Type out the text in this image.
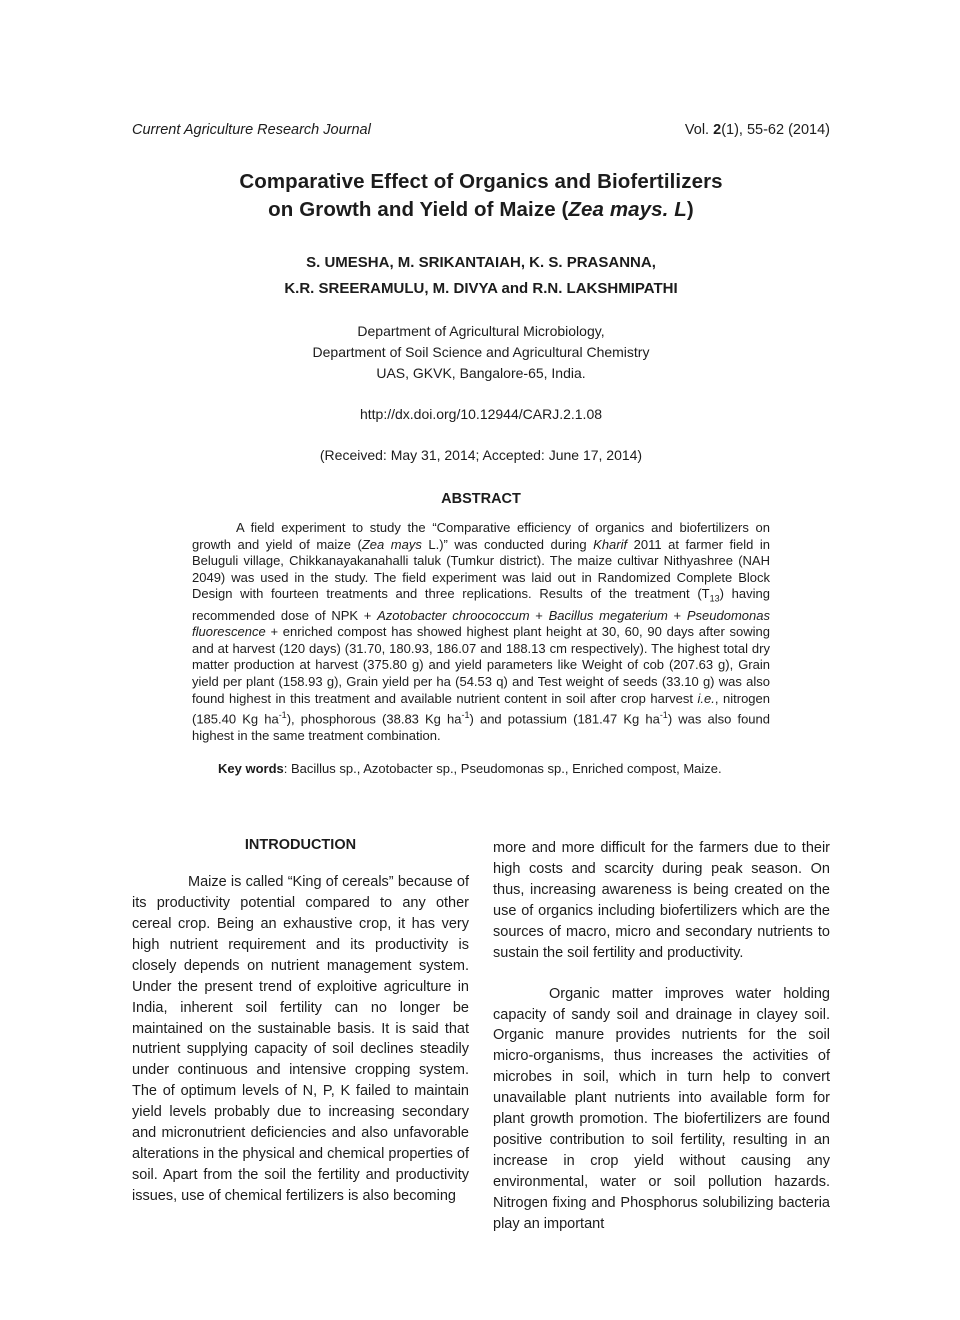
Current Agriculture Research Journal	Vol. 2(1), 55-62 (2014)
Comparative Effect of Organics and Biofertilizers
on Growth and Yield of Maize (Zea mays. L)
S. UMESHA, M. SRIKANTAIAH, K. S. PRASANNA,
K.R. SREERAMULU, M. DIVYA and R.N. LAKSHMIPATHI
Department of Agricultural Microbiology,
Department of Soil Science and Agricultural Chemistry
UAS, GKVK, Bangalore-65, India.
http://dx.doi.org/10.12944/CARJ.2.1.08
(Received: May 31, 2014; Accepted: June 17, 2014)
ABSTRACT
A field experiment to study the “Comparative efficiency of organics and biofertilizers on growth and yield of maize (Zea mays L.)” was conducted during Kharif 2011 at farmer field in Beluguli village, Chikkanayakanahalli taluk (Tumkur district). The maize cultivar Nithyashree (NAH 2049) was used in the study. The field experiment was laid out in Randomized Complete Block Design with fourteen treatments and three replications. Results of the treatment $(T_{13})$ having recommended dose of NPK + Azotobacter chroococcum + Bacillus megaterium + Pseudomonas fluorescence + enriched compost has showed highest plant height at 30, 60, 90 days after sowing and at harvest (120 days) (31.70, 180.93, 186.07 and 188.13 cm respectively). The highest total dry matter production at harvest (375.80 g) and yield parameters like Weight of cob (207.63 g), Grain yield per plant (158.93 g), Grain yield per ha (54.53 q) and Test weight of seeds (33.10 g) was also found highest in this treatment and available nutrient content in soil after crop harvest i.e., nitrogen (185.40 Kg $ha^{-1}$), phosphorous (38.83 Kg $ha^{-1}$) and potassium (181.47 Kg $ha^{-1}$) was also found highest in the same treatment combination.
Key words: Bacillus sp., Azotobacter sp., Pseudomonas sp., Enriched compost, Maize.
INTRODUCTION
Maize is called “King of cereals” because of its productivity potential compared to any other cereal crop. Being an exhaustive crop, it has very high nutrient requirement and its productivity is closely depends on nutrient management system. Under the present trend of exploitive agriculture in India, inherent soil fertility can no longer be maintained on the sustainable basis. It is said that nutrient supplying capacity of soil declines steadily under continuous and intensive cropping system. The of optimum levels of N, P, K failed to maintain yield levels probably due to increasing secondary and micronutrient deficiencies and also unfavorable alterations in the physical and chemical properties of soil. Apart from the soil the fertility and productivity issues, use of chemical fertilizers is also becoming
more and more difficult for the farmers due to their high costs and scarcity during peak season. On thus, increasing awareness is being created on the use of organics including biofertilizers which are the sources of macro, micro and secondary nutrients to sustain the soil fertility and productivity.
Organic matter improves water holding capacity of sandy soil and drainage in clayey soil. Organic manure provides nutrients for the soil micro-organisms, thus increases the activities of microbes in soil, which in turn help to convert unavailable plant nutrients into available form for plant growth promotion. The biofertilizers are found positive contribution to soil fertility, resulting in an increase in crop yield without causing any environmental, water or soil pollution hazards. Nitrogen fixing and Phosphorus solubilizing bacteria play an important
